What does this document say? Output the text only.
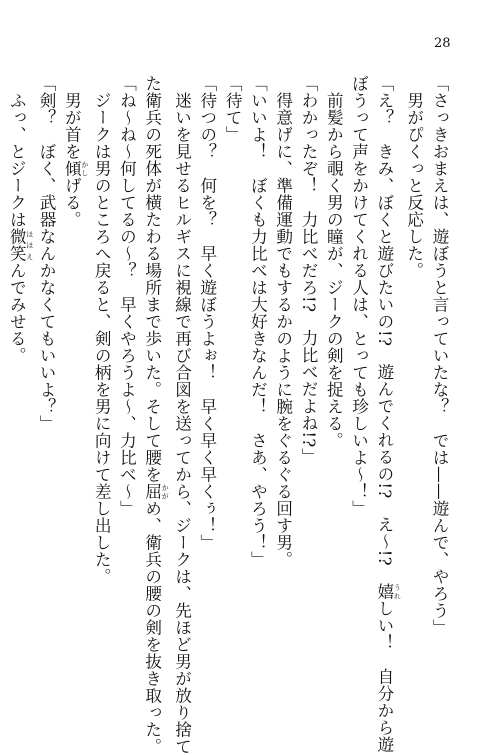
28
「さっきおまえは、遊ぼうと言っていたな？　では——遊んで、やろう」
　男がぴくっと反応した。
「え？　きみ、ぼくと遊びたいの!?　遊んでくれるの!?　え～!?　嬉 うれしい！　自分から遊
ぼうって声をかけてくれる人は、とっても珍しいよ～！」
　前髪から覗く男の瞳が、ジークの剣を捉える。
「わかったぞ！　力比べだろ!?　力比べだよね!?」
　得意げに、準備運動でもするかのように腕をぐるぐる回す男。
「いいよ！　ぼくも力比べは大好きなんだ！　さあ、やろう！」
「待て」
「待つの？　何を？　早く遊ぼうよぉ！　早く早く早くぅ！」
　迷いを見せるヒルギスに視線で再び合図を送ってから、ジークは、先ほど男が放り捨て
た衛兵の死体が横たわる場所まで歩いた。そして腰を屈 かがめ、衛兵の腰の剣を抜き取った。
「ね～ね～何してるの～？　早くやろうよ～、力比べ～」
　ジークは男のところへ戻ると、剣の柄を男に向けて差し出した。
　男が首を傾 かしげる。
「剣？　ぼく、武器なんかなくてもいいよ？」
　ふっ、とジークは微笑 ほほえんでみせる。
